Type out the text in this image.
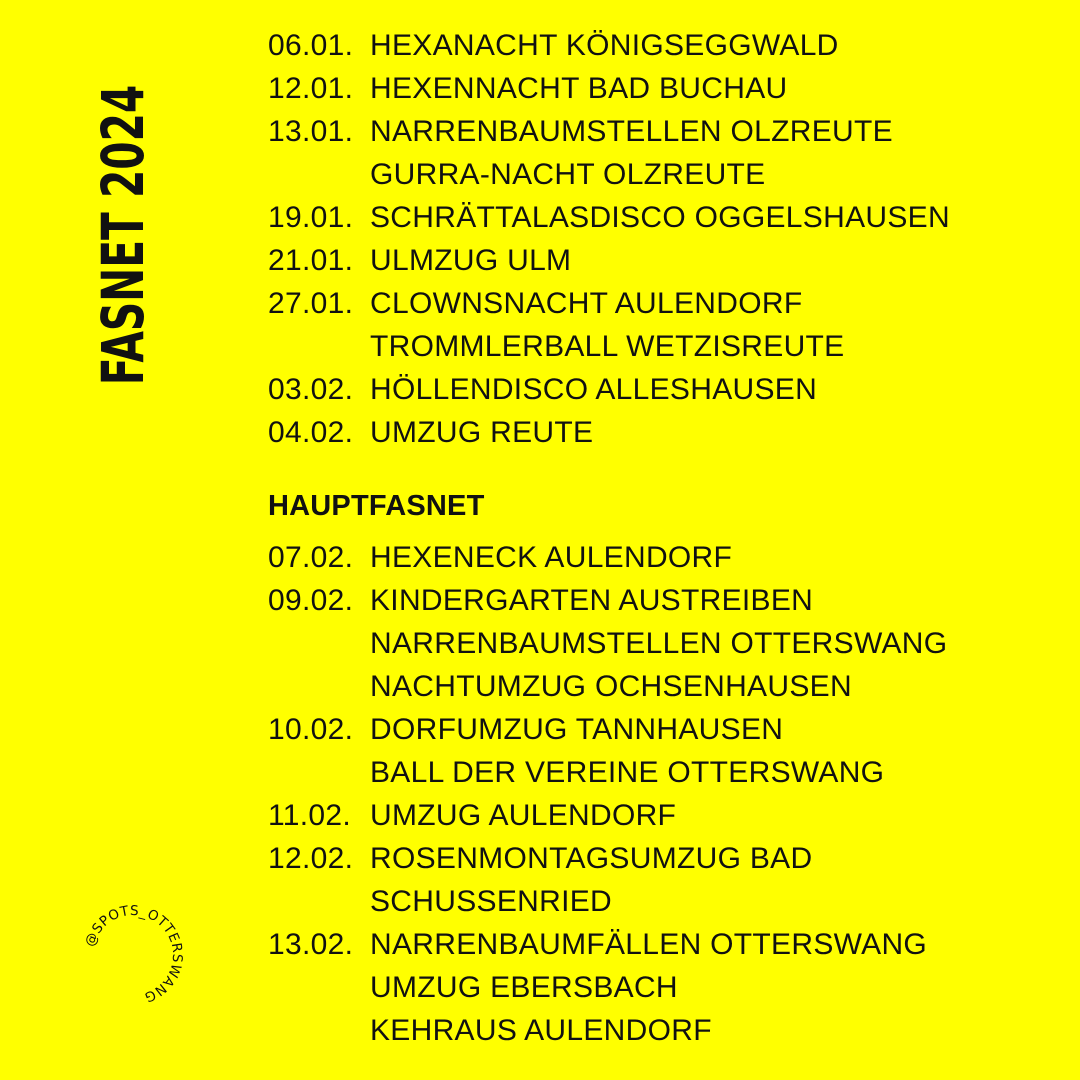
FASNET 2024
06.01. HEXANACHT KÖNIGSEGGWALD
12.01. HEXENNACHT BAD BUCHAU
13.01. NARRENBAUMSTELLEN OLZREUTE
GURRA-NACHT OLZREUTE
19.01. SCHRÄTTALASDISCO OGGELSHAUSEN
21.01. ULMZUG ULM
27.01. CLOWNSNACHT AULENDORF
TROMMLERBALL WETZISREUTE
03.02. HÖLLENDISCO ALLESHAUSEN
04.02. UMZUG REUTE
HAUPTFASNET
07.02. HEXENECK AULENDORF
09.02. KINDERGARTEN AUSTREIBEN
NARRENBAUMSTELLEN OTTERSWANG
NACHTUMZUG OCHSENHAUSEN
10.02. DORFUMZUG TANNHAUSEN
BALL DER VEREINE OTTERSWANG
11.02. UMZUG AULENDORF
12.02. ROSENMONTAGSUMZUG BAD
SCHUSSENRIED
13.02. NARRENBAUMFÄLLEN OTTERSWANG
UMZUG EBERSBACH
KEHRAUS AULENDORF
@SPOTS_OTTERSWANG
